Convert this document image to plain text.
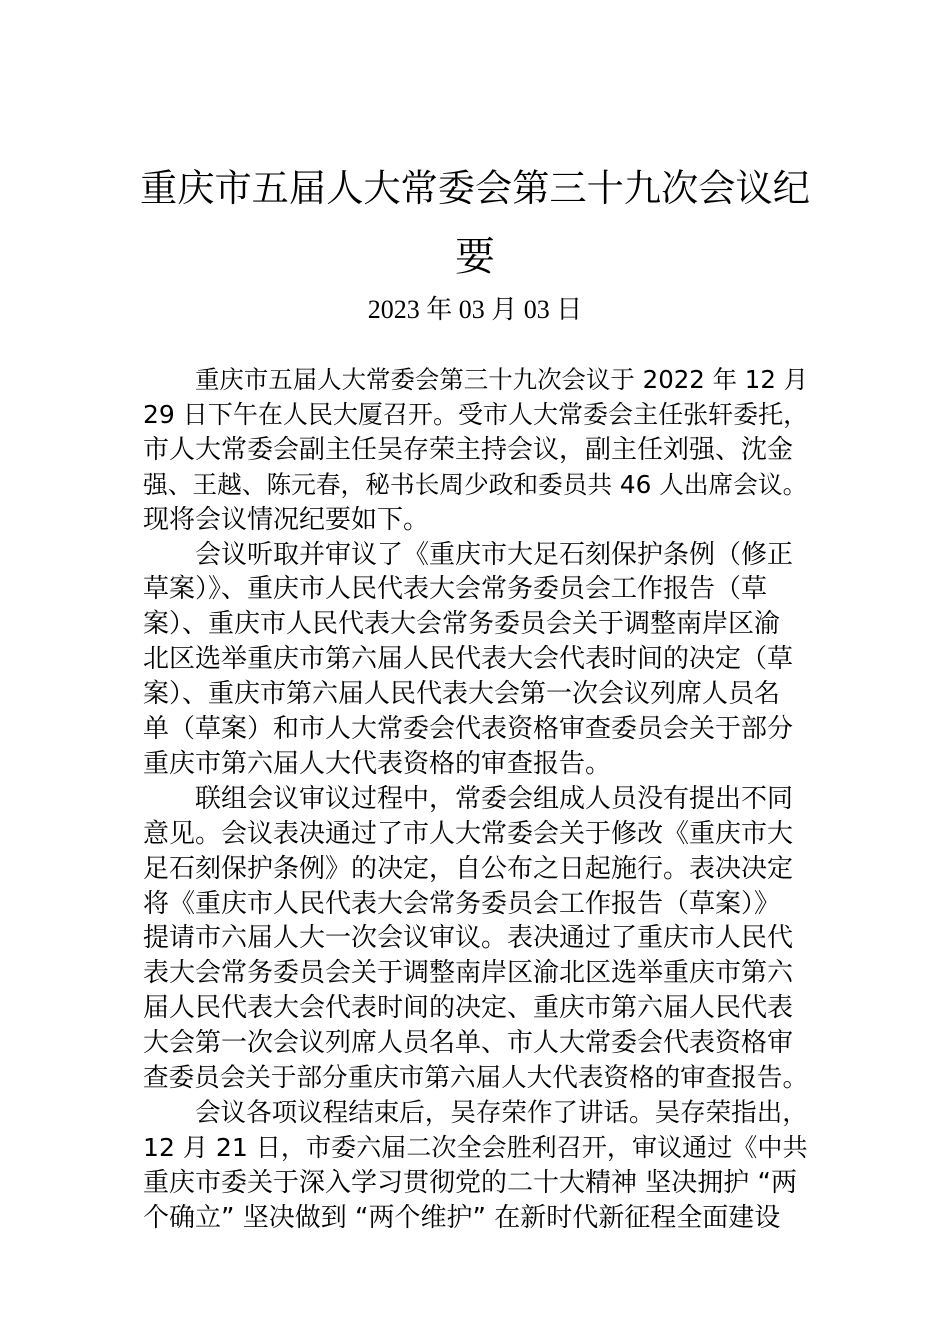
重庆市五届人大常委会第三十九次会议纪
要
2023 年 03 月 03 日
重庆市五届人大常委会第三十九次会议于 2022 年 12 月
29 日下午在人民大厦召开。受市人大常委会主任张轩委托，
市人大常委会副主任吴存荣主持会议，副主任刘强、沈金
强、王越、陈元春，秘书长周少政和委员共 46 人出席会议。
现将会议情况纪要如下。
会议听取并审议了《重庆市大足石刻保护条例（修正
草案）》、重庆市人民代表大会常务委员会工作报告（草
案）、重庆市人民代表大会常务委员会关于调整南岸区渝
北区选举重庆市第六届人民代表大会代表时间的决定（草
案）、重庆市第六届人民代表大会第一次会议列席人员名
单（草案）和市人大常委会代表资格审查委员会关于部分
重庆市第六届人大代表资格的审查报告。
联组会议审议过程中，常委会组成人员没有提出不同
意见。会议表决通过了市人大常委会关于修改《重庆市大
足石刻保护条例》的决定，自公布之日起施行。表决决定
将《重庆市人民代表大会常务委员会工作报告（草案）》
提请市六届人大一次会议审议。表决通过了重庆市人民代
表大会常务委员会关于调整南岸区渝北区选举重庆市第六
届人民代表大会代表时间的决定、重庆市第六届人民代表
大会第一次会议列席人员名单、市人大常委会代表资格审
查委员会关于部分重庆市第六届人大代表资格的审查报告。
会议各项议程结束后，吴存荣作了讲话。吴存荣指出，
12 月 21 日，市委六届二次全会胜利召开，审议通过《中共
重庆市委关于深入学习贯彻党的二十大精神 坚决拥护 “两
个确立” 坚决做到 “两个维护” 在新时代新征程全面建设
